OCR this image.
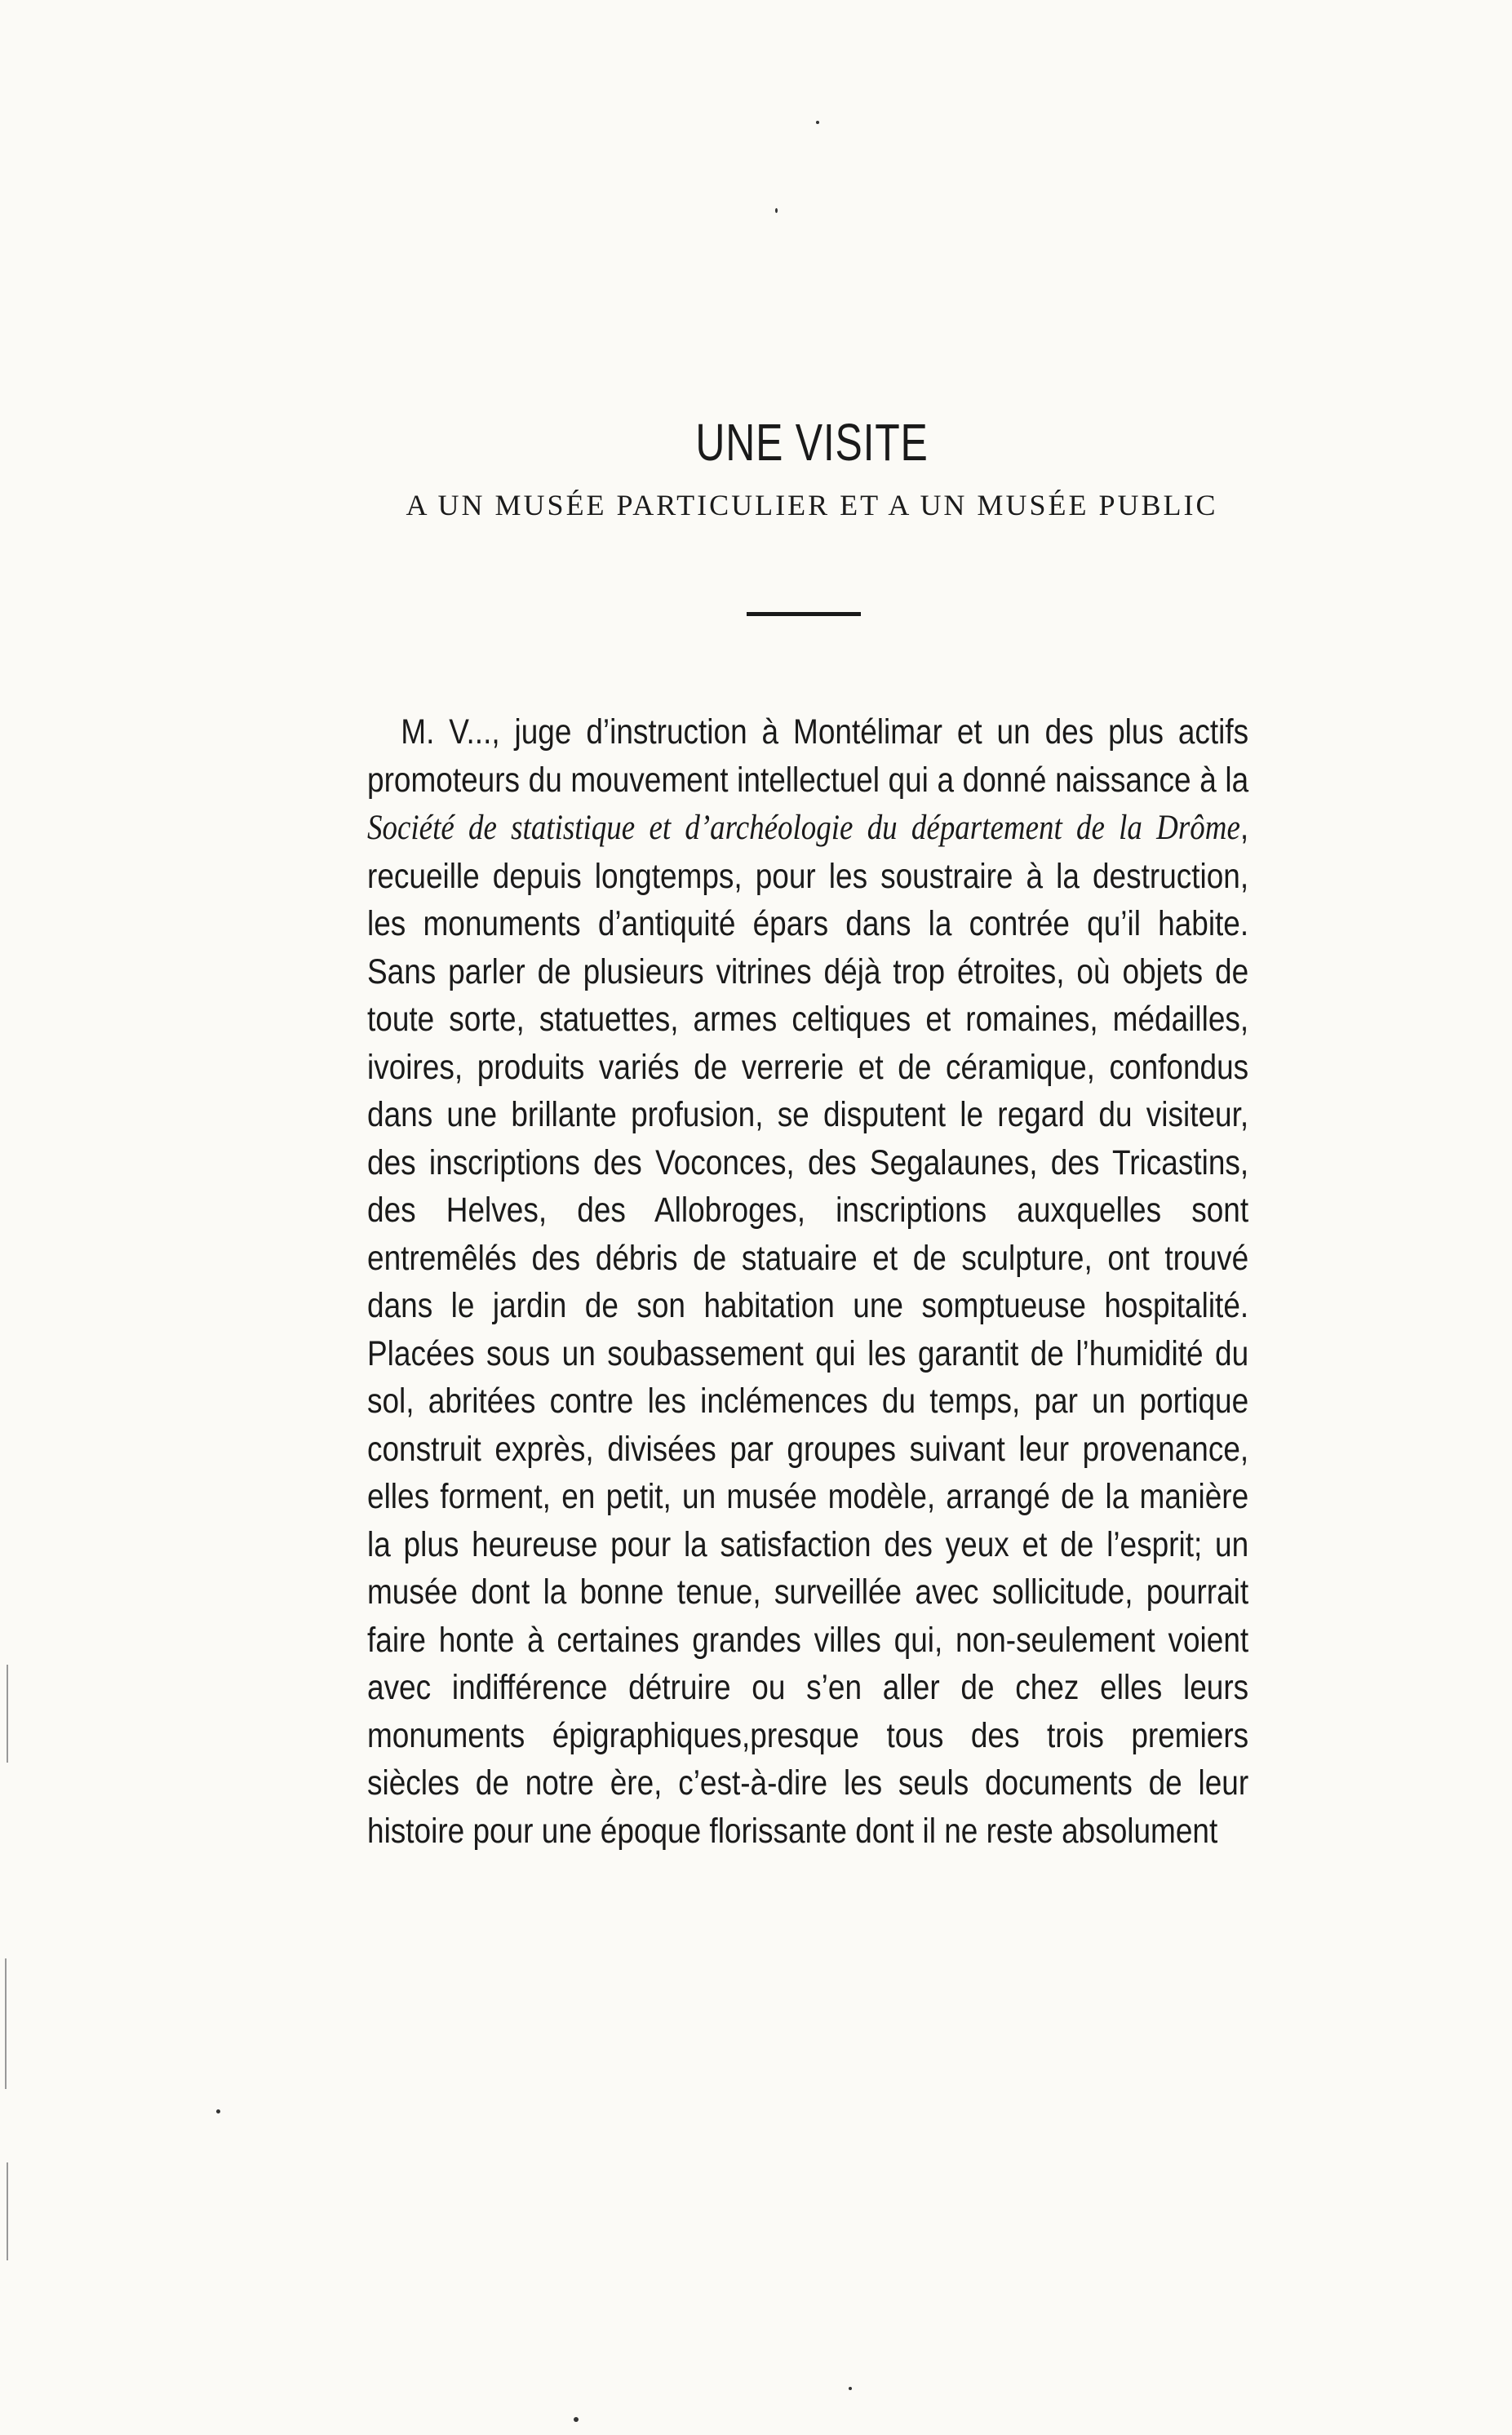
UNE VISITE
A UN MUSÉE PARTICULIER ET A UN MUSÉE PUBLIC

M. V..., juge d’instruction à Montélimar et un des plus actifs promoteurs du mouvement intellectuel qui a donné naissance à la Société de statistique et d’archéologie du département de la Drôme, recueille depuis longtemps, pour les soustraire à la destruction, les monuments d’antiquité épars dans la contrée qu’il habite. Sans parler de plusieurs vitrines déjà trop étroites, où objets de toute sorte, statuettes, armes celtiques et romaines, médailles, ivoires, produits variés de verrerie et de céramique, confondus dans une brillante profusion, se disputent le regard du visiteur, des inscriptions des Voconces, des Segalaunes, des Tricastins, des Helves, des Allobroges, inscriptions auxquelles sont entremêlés des débris de statuaire et de sculpture, ont trouvé dans le jardin de son habitation une somptueuse hospitalité. Placées sous un soubassement qui les garantit de l’humidité du sol, abritées contre les inclémences du temps, par un portique construit exprès, divisées par groupes suivant leur provenance, elles forment, en petit, un musée modèle, arrangé de la manière la plus heureuse pour la satisfaction des yeux et de l’esprit; un musée dont la bonne tenue, surveillée avec sollicitude, pourrait faire honte à certaines grandes villes qui, non-seulement voient avec indifférence détruire ou s’en aller de chez elles leurs monuments épigraphiques,presque tous des trois premiers siècles de notre ère, c’est-à-dire les seuls documents de leur histoire pour une époque florissante dont il ne reste absolument
